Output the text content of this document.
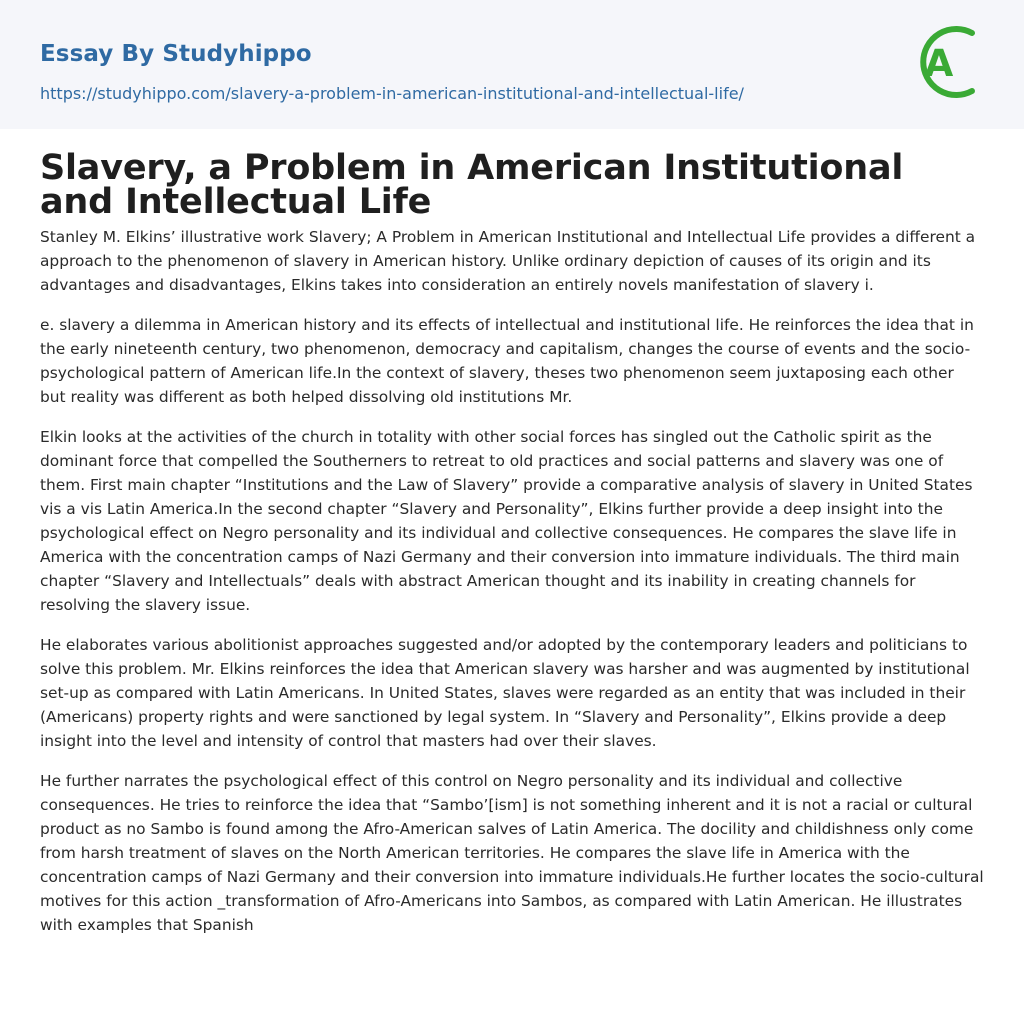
Essay By Studyhippo
https://studyhippo.com/slavery-a-problem-in-american-institutional-and-intellectual-life/
A
Slavery, a Problem in American Institutional and Intellectual Life

Stanley M. Elkins’ illustrative work Slavery; A Problem in American Institutional and Intellectual Life provides a different a approach to the phenomenon of slavery in American history. Unlike ordinary depiction of causes of its origin and its advantages and disadvantages, Elkins takes into consideration an entirely novels manifestation of slavery i.

e. slavery a dilemma in American history and its effects of intellectual and institutional life. He reinforces the idea that in the early nineteenth century, two phenomenon, democracy and capitalism, changes the course of events and the socio-psychological pattern of American life.In the context of slavery, theses two phenomenon seem juxtaposing each other but reality was different as both helped dissolving old institutions Mr.

Elkin looks at the activities of the church in totality with other social forces has singled out the Catholic spirit as the dominant force that compelled the Southerners to retreat to old practices and social patterns and slavery was one of them. First main chapter “Institutions and the Law of Slavery” provide a comparative analysis of slavery in United States vis a vis Latin America.In the second chapter “Slavery and Personality”, Elkins further provide a deep insight into the psychological effect on Negro personality and its individual and collective consequences. He compares the slave life in America with the concentration camps of Nazi Germany and their conversion into immature individuals. The third main chapter “Slavery and Intellectuals” deals with abstract American thought and its inability in creating channels for resolving the slavery issue.

He elaborates various abolitionist approaches suggested and/or adopted by the contemporary leaders and politicians to solve this problem. Mr. Elkins reinforces the idea that American slavery was harsher and was augmented by institutional set-up as compared with Latin Americans. In United States, slaves were regarded as an entity that was included in their (Americans) property rights and were sanctioned by legal system. In “Slavery and Personality”, Elkins provide a deep insight into the level and intensity of control that masters had over their slaves.

He further narrates the psychological effect of this control on Negro personality and its individual and collective consequences. He tries to reinforce the idea that “Sambo’[ism] is not something inherent and it is not a racial or cultural product as no Sambo is found among the Afro-American salves of Latin America. The docility and childishness only come from harsh treatment of slaves on the North American territories. He compares the slave life in America with the concentration camps of Nazi Germany and their conversion into immature individuals.He further locates the socio-cultural motives for this action _transformation of Afro-Americans into Sambos, as compared with Latin American. He illustrates with examples that Spanish
